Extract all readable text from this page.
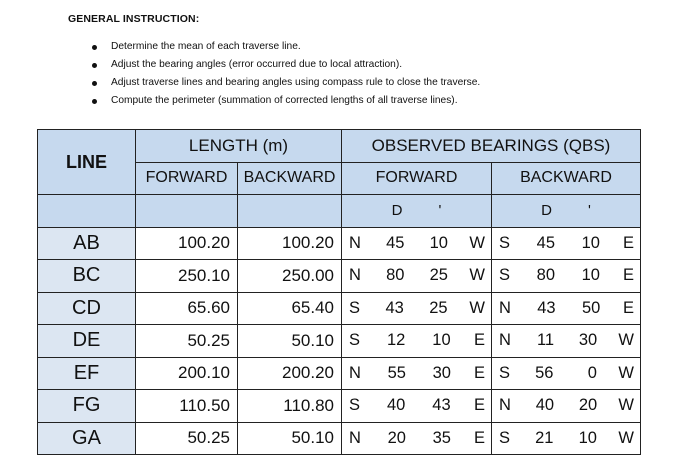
GENERAL INSTRUCTION:
Determine the mean of each traverse line.
Adjust the bearing angles (error occurred due to local attraction).
Adjust traverse lines and bearing angles using compass rule to close the traverse.
Compute the perimeter (summation of corrected lengths of all traverse lines).
LINE	LENGTH (m)		OBSERVED BEARINGS (QBS)	
	FORWARD	BACKWARD	FORWARD	BACKWARD

			D '	D '

AB	100.20	100.20	N 45 10 W	S 45 10 E

BC	250.10	250.00	N 80 25 W	S 80 10 E

CD	65.60	65.40	S 43 25 W	N 43 50 E

DE	50.25	50.10	S 12 10 E	N 11 30 W

EF	200.10	200.20	N 55 30 E	S 56 0 W

FG	110.50	110.80	S 40 43 E	N 40 20 W

GA	50.25	50.10	N 20 35 E	S 21 10 W
